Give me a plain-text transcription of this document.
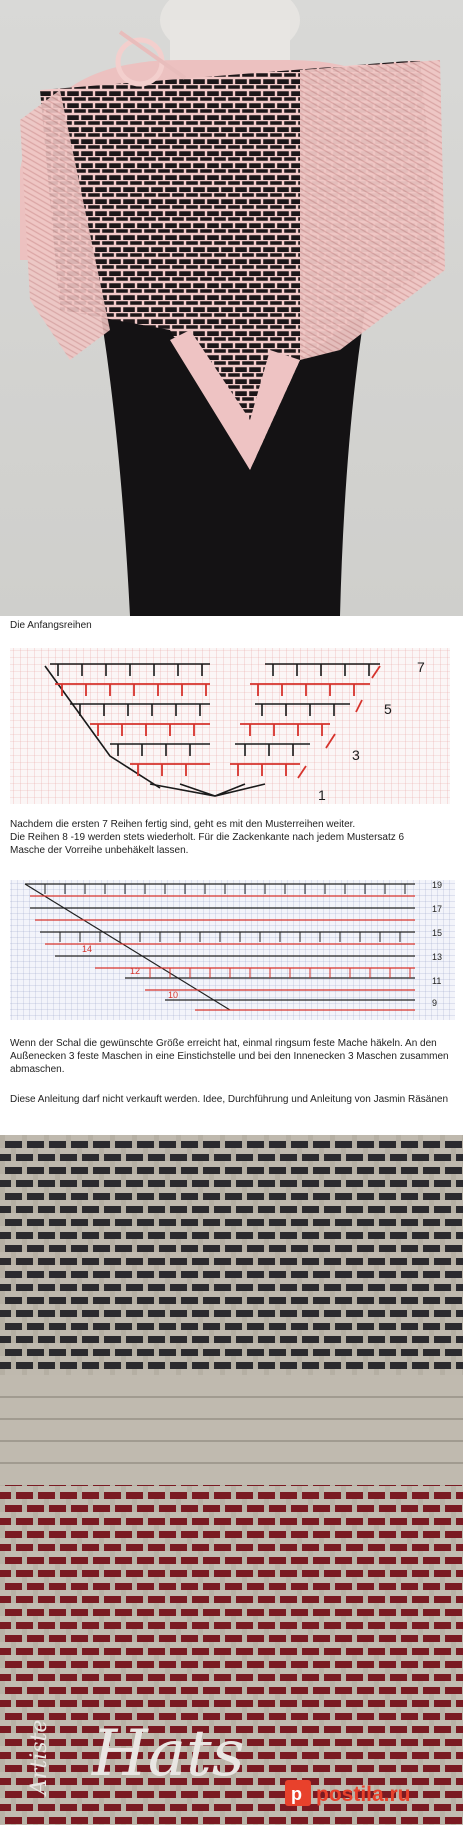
Die Anfangsreihen
7
5
3
1

Nachdem die ersten 7 Reihen fertig sind, geht es mit den Musterreihen weiter.
Die Reihen 8 -19 werden stets wiederholt. Für die Zackenkante nach jedem Mustersatz 6
Masche der Vorreihe unbehäkelt lassen.

19
17
15
13
11
9
14
12
10

Wenn der Schal die gewünschte Größe erreicht hat, einmal ringsum feste Mache häkeln. An den Außenecken 3 feste Maschen in eine Einstichstelle und bei den Innenecken 3 Maschen zusammen abmaschen.

Diese Anleitung darf nicht verkauft werden. Idee, Durchführung und Anleitung von Jasmin Räsänen

Artiste Hats
p postila.ru
